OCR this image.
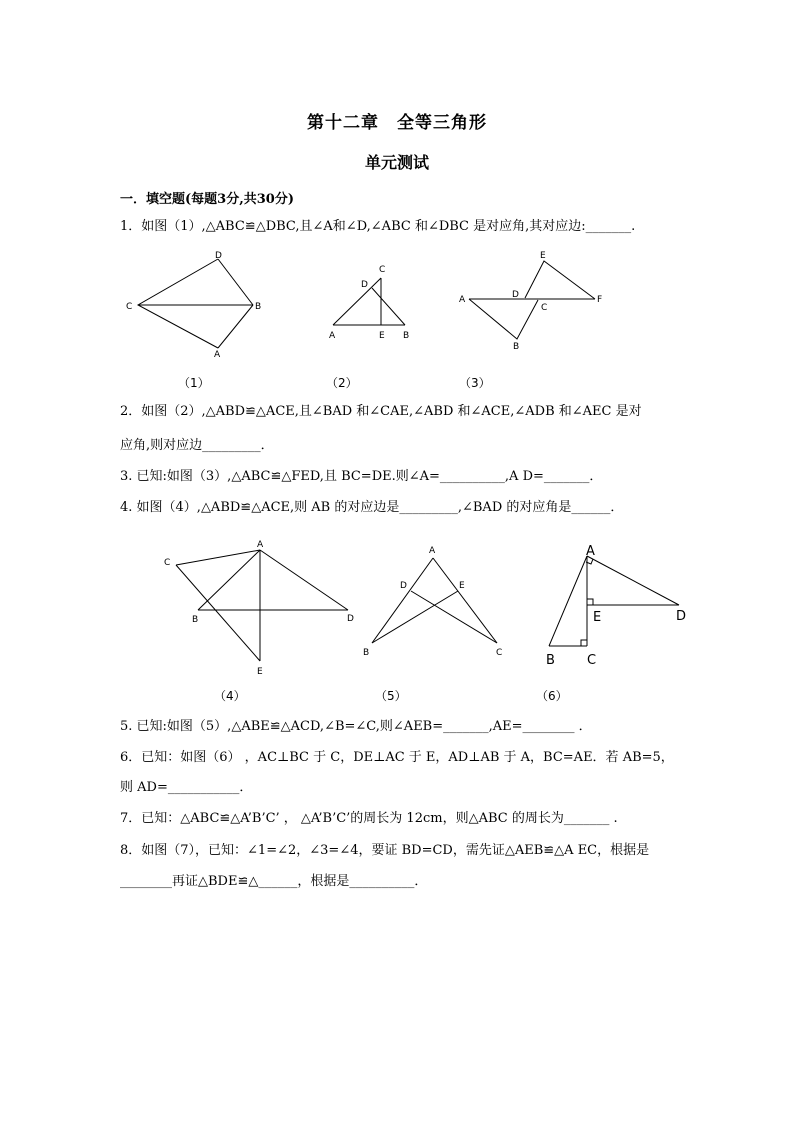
第十二章　全等三角形
单元测试
一．填空题(每题3分,共30分)
1．如图（1）,△ABC≌△DBC,且∠A和∠D,∠ABC 和∠DBC 是对应角,其对应边:_______.
D
C	B
A
C
D
A	E B
E
A	D
C
F
B
（1）	（2）	（3）
2．如图（2）,△ABD≌△ACE,且∠BAD 和∠CAE,∠ABD 和∠ACE,∠ADB 和∠AEC 是对
应角,则对应边_________．
3. 已知:如图（3）,△ABC≌△FED,且 BC=DE.则∠A=__________,A D=_______．
4. 如图（4）,△ABD≌△ACE,则 AB 的对应边是_________,∠BAD 的对应角是______．
C
A
B	D
E
A
D	E
B	C
A
E	D
B C
（4）	（5）	（6）
5. 已知:如图（5）,△ABE≌△ACD,∠B=∠C,则∠AEB=_______,AE=________ ．
6．已知：如图（6） ，AC⊥BC 于 C，DE⊥AC 于 E，AD⊥AB 于 A，BC=AE．若 AB=5，
则 AD=___________．
7．已知：△ABC≌△A’B’C’ ， △A’B’C’的周长为 12cm，则△ABC 的周长为_______ .
8．如图（7），已知：∠1=∠2，∠3=∠4，要证 BD=CD，需先证△AEB≌△A EC，根据是
________再证△BDE≌△______，根据是__________．
